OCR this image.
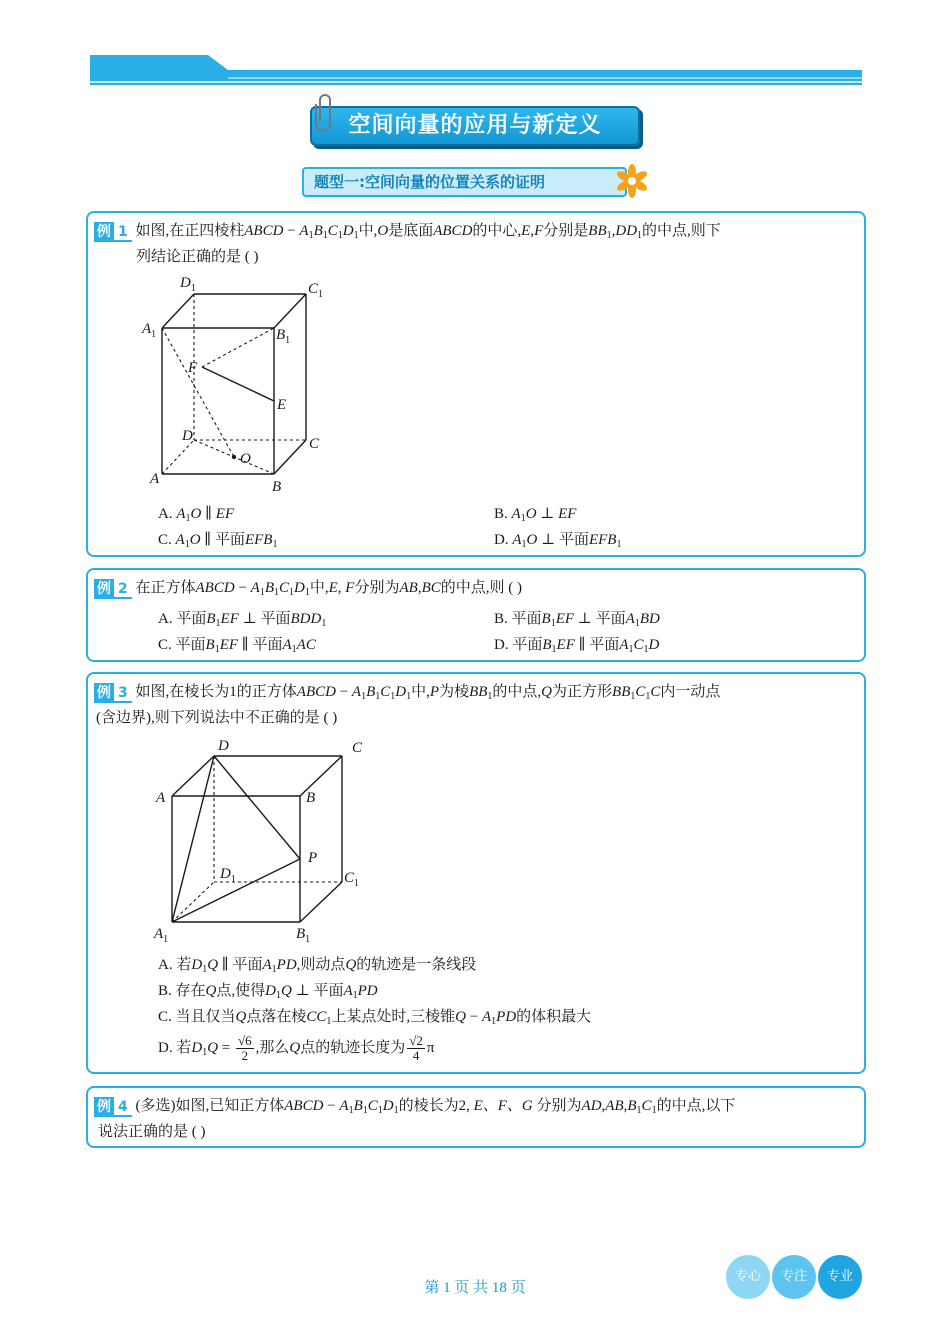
空间向量的应用与新定义
题型一:空间向量的位置关系的证明
例 1 如图,在正四棱柱ABCD − $A_1B_1C_1D_1$中,O是底面ABCD的中心,E,F分别是$BB_1,DD_1$的中点,则下
列结论正确的是 ( )
$D_1$	$C_1$
$A_1$	$B_1$
F
E
D	C
A	B
O
A. $A_1O$ ∥ EF	B. $A_1O$ ⊥ EF
C. $A_1O$ ∥ 平面$EFB_1$	D. $A_1O$ ⊥ 平面$EFB_1$
例 2 在正方体ABCD − $A_1B_1C_1D_1$中,E, F分别为AB,BC的中点,则 ( )
A. 平面$B_1EF$ ⊥ 平面$BDD_1$	B. 平面$B_1EF$ ⊥ 平面$A_1BD$
C. 平面$B_1EF$ ∥ 平面$A_1AC$	D. 平面$B_1EF$ ∥ 平面$A_1C_1D$
例 3 如图,在棱长为1的正方体ABCD − $A_1B_1C_1D_1$中,P为棱$BB_1$的中点,Q为正方形$BB_1C_1C$内一动点
(含边界),则下列说法中不正确的是 ( )
D	C
A	B
P
$D_1$	$C_1$
$A_1$	$B_1$
A. 若$D_1Q$ ∥ 平面$A_1PD$,则动点Q的轨迹是一条线段
B. 存在Q点,使得$D_1Q$ ⊥ 平面$A_1PD$
C. 当且仅当Q点落在棱$CC_1$上某点处时,三棱锥$Q - A_1PD$的体积最大
D. 若$D_1Q = \frac{√6}{2}$ ,那么Q点的轨迹长度为 $\frac{√2}{4}$ π
例 4 (多选)如图,已知正方体ABCD − $A_1B_1C_1D_1$的棱长为2, E、F、G 分别为$AD,AB,B_1C_1$的中点,以下
说法正确的是 ( )
第 1 页 共 18 页
专心	专注	专业
